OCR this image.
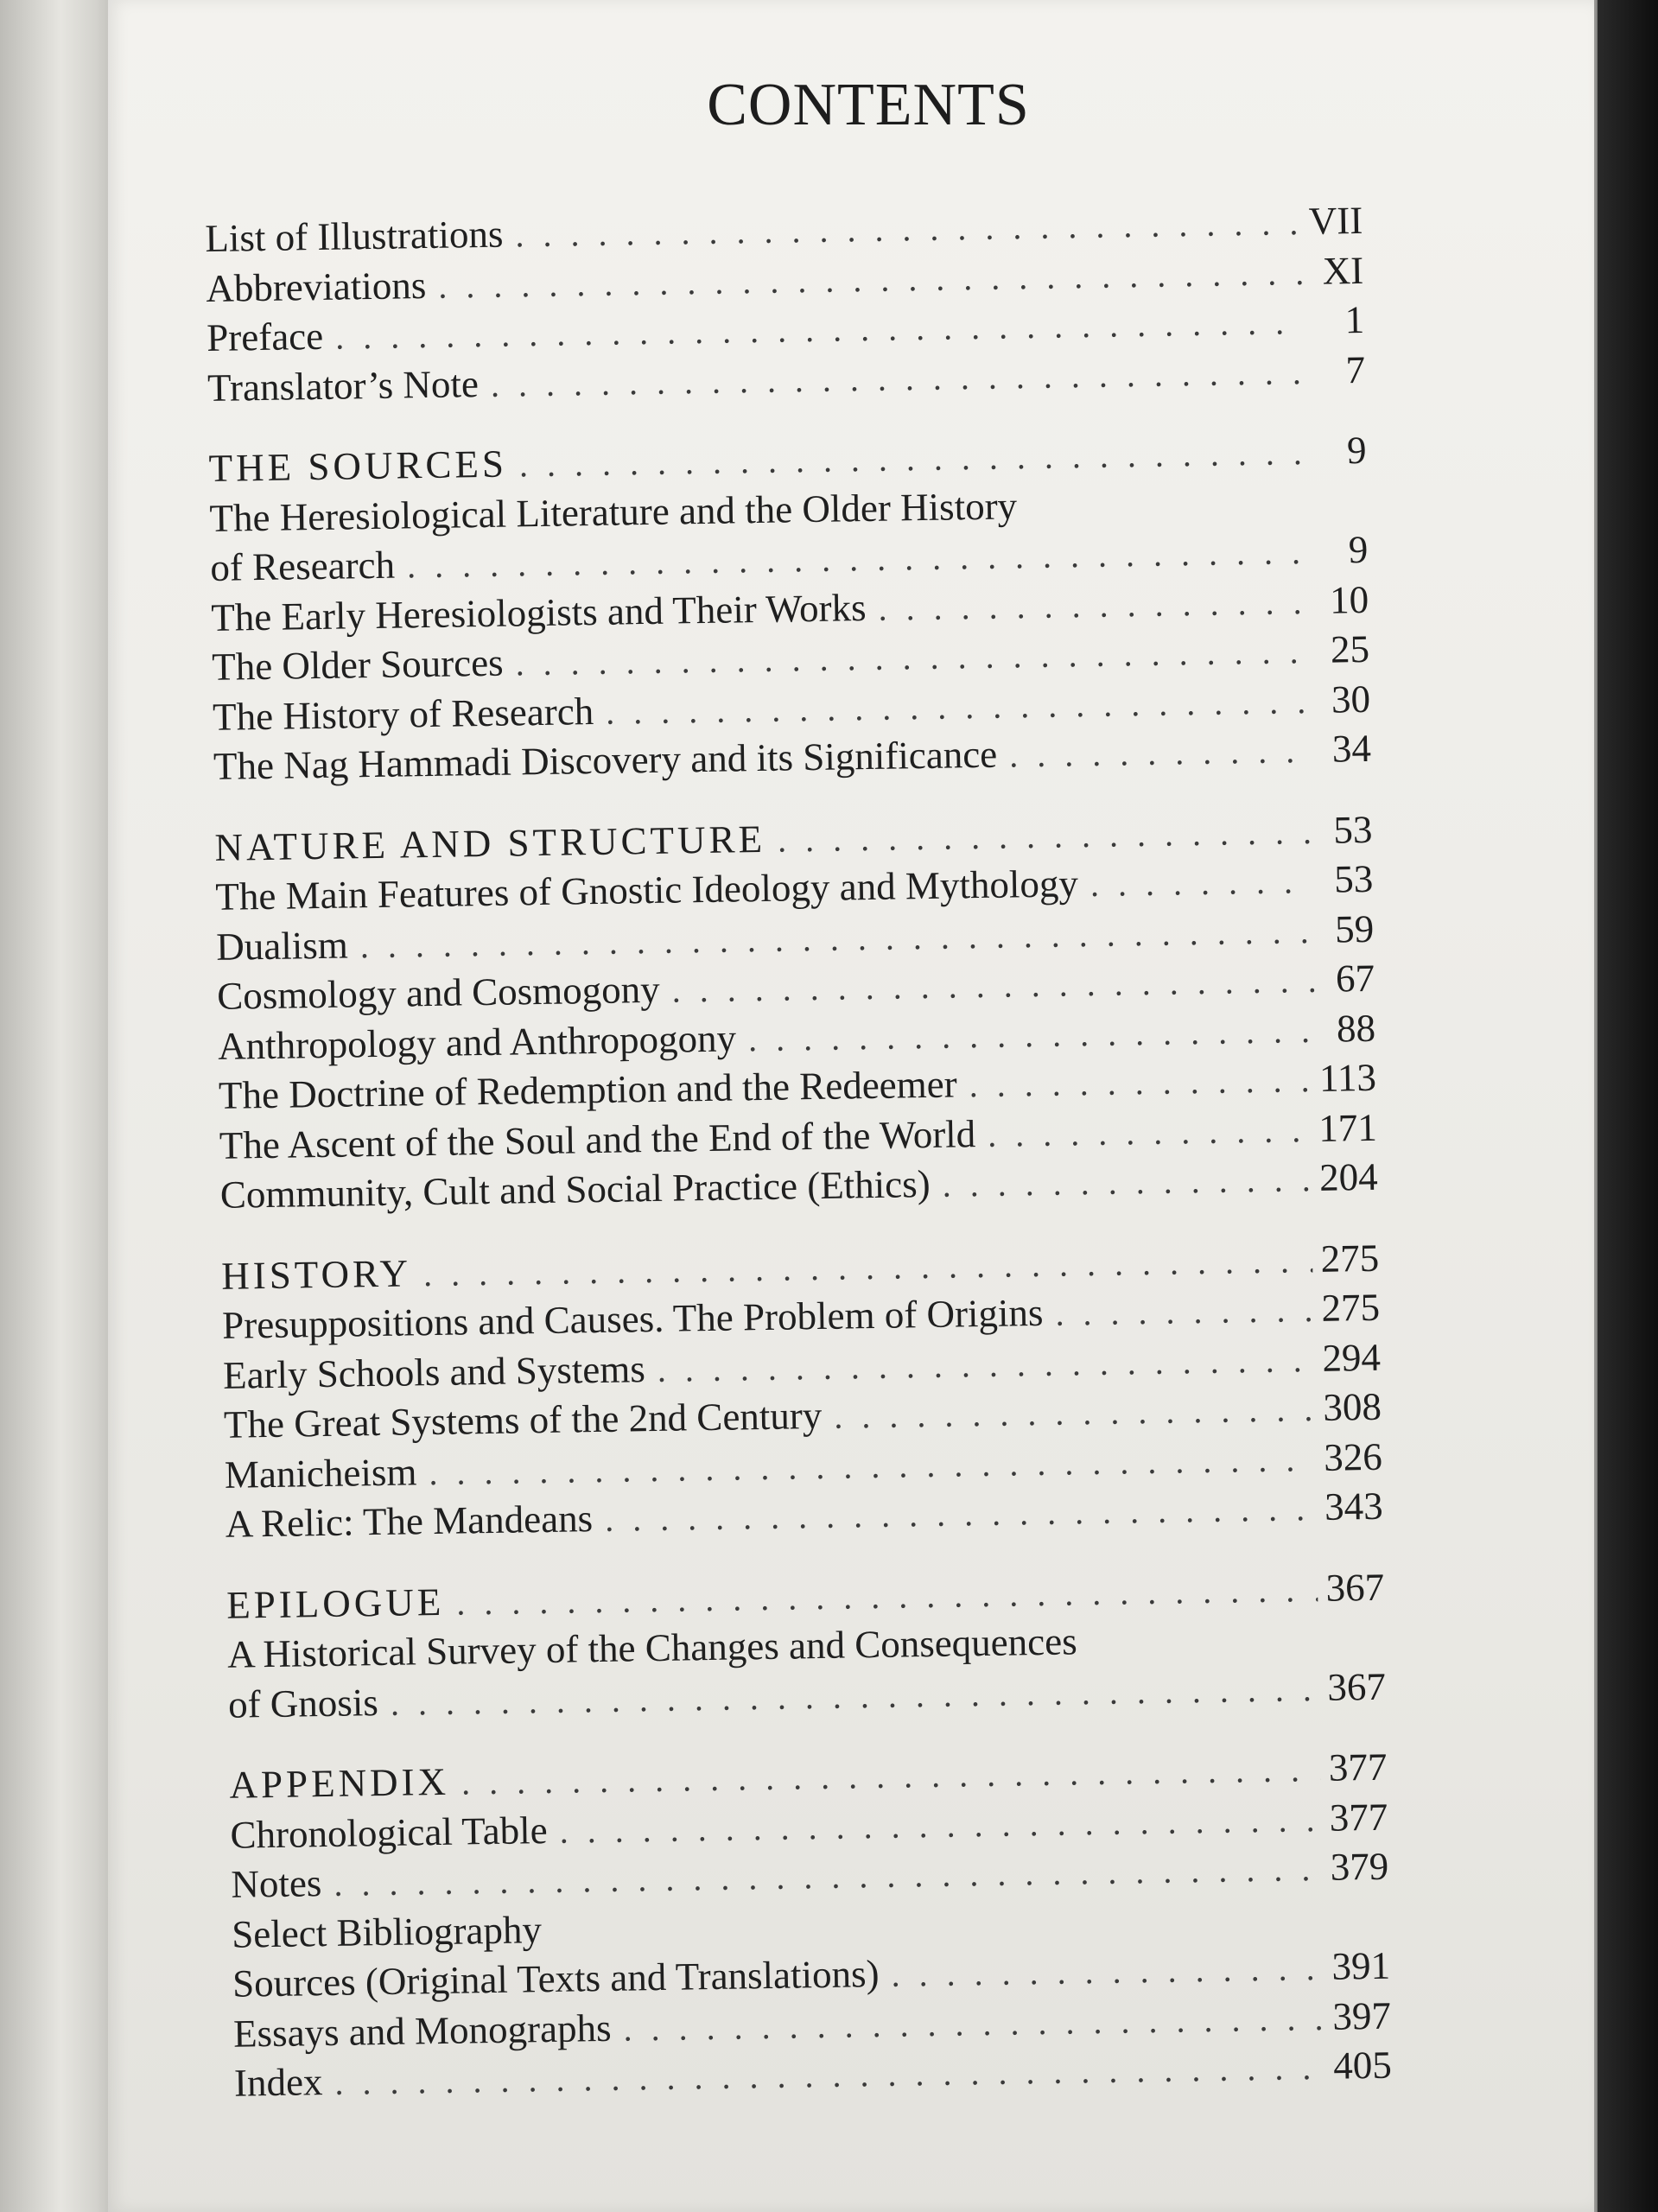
CONTENTS
List of Illustrations . . .	VII
Abbreviations . . .	XI
Preface . . .	1
Translator’s Note . . .	7
THE SOURCES . . .	9
The Heresiological Literature and the Older History
of Research . . .	9
The Early Heresiologists and Their Works . . .	10
The Older Sources . . .	25
The History of Research . . .	30
The Nag Hammadi Discovery and its Significance . . .	34
NATURE AND STRUCTURE . . .	53
The Main Features of Gnostic Ideology and Mythology . . .	53
Dualism . . .	59
Cosmology and Cosmogony . . .	67
Anthropology and Anthropogony . . .	88
The Doctrine of Redemption and the Redeemer . . .	113
The Ascent of the Soul and the End of the World . . .	171
Community, Cult and Social Practice (Ethics) . . .	204
HISTORY . . .	275
Presuppositions and Causes. The Problem of Origins . . .	275
Early Schools and Systems . . .	294
The Great Systems of the 2nd Century . . .	308
Manicheism . . .	326
A Relic: The Mandeans . . .	343
EPILOGUE . . .	367
A Historical Survey of the Changes and Consequences
of Gnosis . . .	367
APPENDIX . . .	377
Chronological Table . . .	377
Notes . . .	379
Select Bibliography
Sources (Original Texts and Translations) . . .	391
Essays and Monographs . . .	397
Index . . .	405
